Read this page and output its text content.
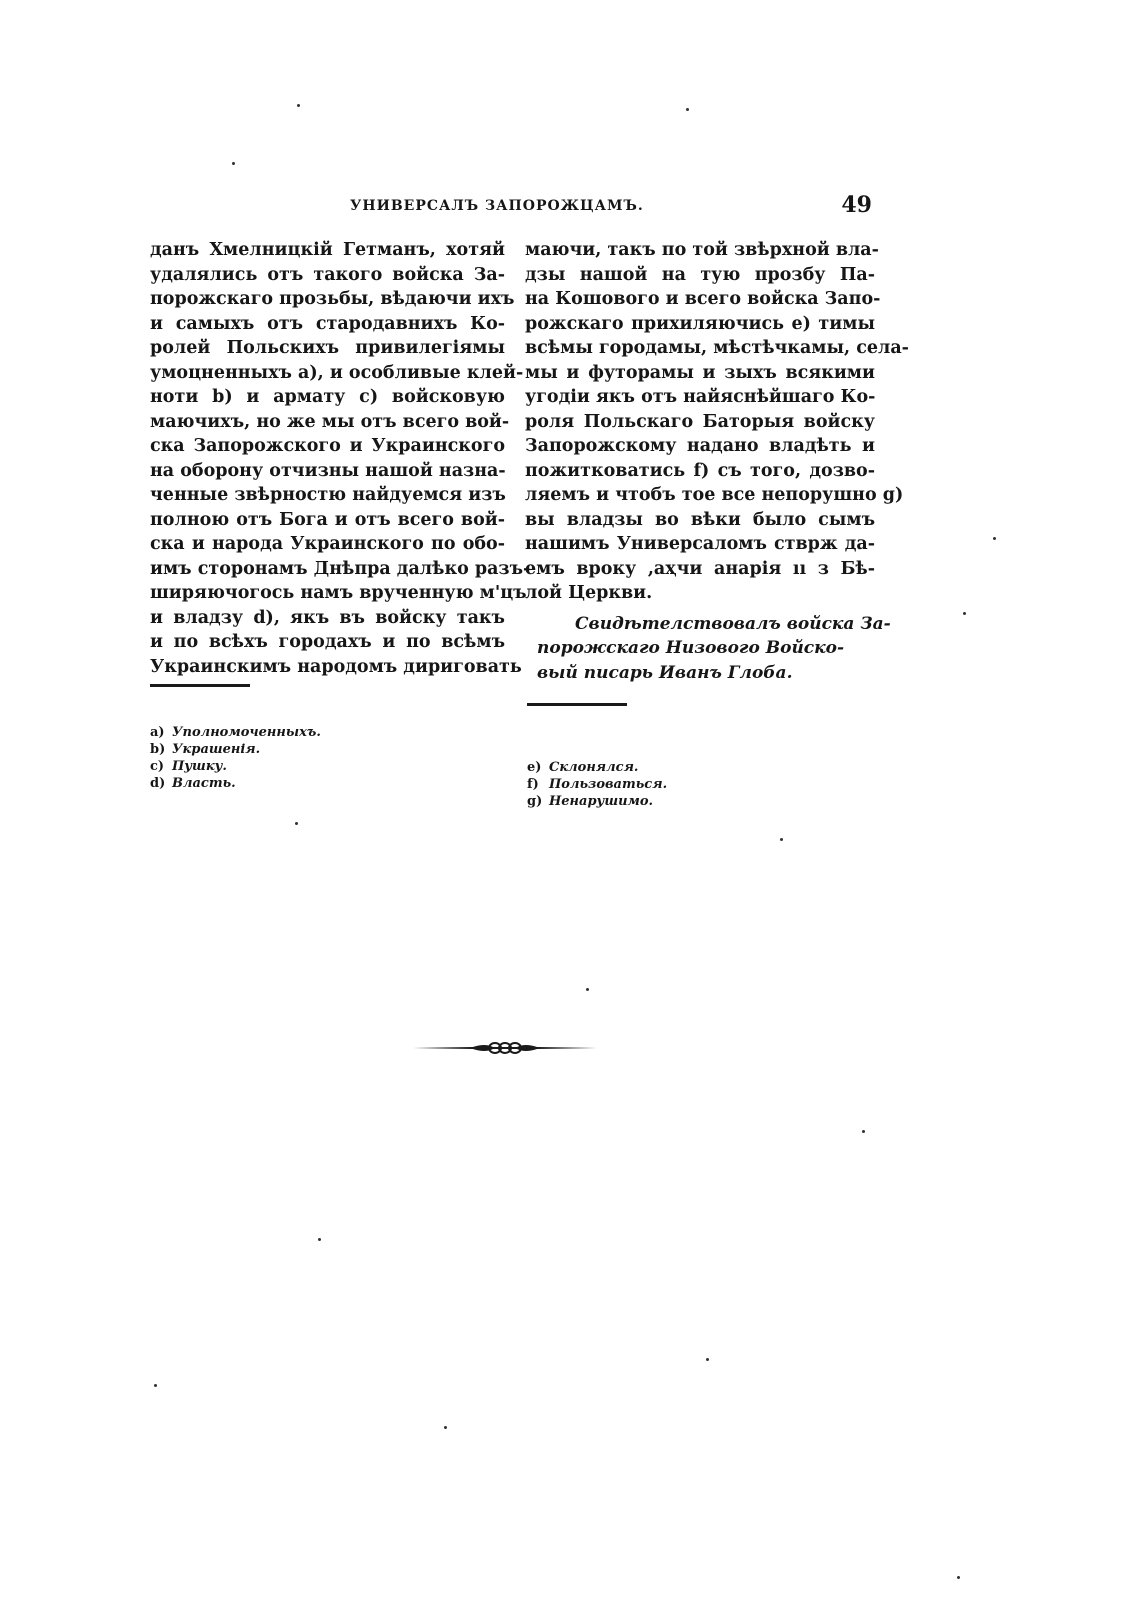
УНИВЕРСАЛЪ ЗАПОРОЖЦАМЪ.	49
данъ Хмелницкій Гетманъ, хотяй
удалялись отъ такого войска За-
порожскаго прозьбы, вѣдаючи ихъ
и самыхъ отъ стародавнихъ Ко-
ролей Польскихъ привилегіямы
умоцненныхъ a), и особливые клей-
ноти b) и армату c) войсковую
маючихъ, но же мы отъ всего вой-
ска Запорожского и Украинского
на оборону отчизны нашой назна-
ченные звѣрностю найдуемся изъ
полною отъ Бога и отъ всего вой-
ска и народа Украинского по обо-
имъ сторонамъ Днѣпра далѣко разъ-
ширяючогось намъ врученную м'цъ
и владзу d), якъ въ войску такъ
и по всѣхъ городахъ и по всѣмъ
Украинскимъ народомъ дириговать
маючи, такъ по той звѣрхной вла-
дзы нашой на тую прозбу Па-
на Кошового и всего войска Запо-
рожскаго прихиляючись e) тимы
всѣмы городамы, мѣстѣчкамы, села-
мы и футорамы и зыхъ всякими
угодіи якъ отъ найяснѣйшаго Ко-
роля Польскаго Баторыя войску
Запорожскому надано владѣть и
пожитковатись f) съ того, дозво-
ляемъ и чтобъ тое все непорушно g)
вы владзы во вѣки было сымъ
нашимъ Универсаломъ стврж да-
емъ вроку ,аҳчи анарія ıı з Бѣ-
лой Церкви.
Свидѣтелствовалъ войска За-
порожскаго Низового Войско-
вый писарь Иванъ Глоба.
a) Уполномоченныхъ.
b) Украшенія.
c) Пушку.
d) Власть.
e) Склонялся.
f) Пользоваться.
g) Ненарушимо.
